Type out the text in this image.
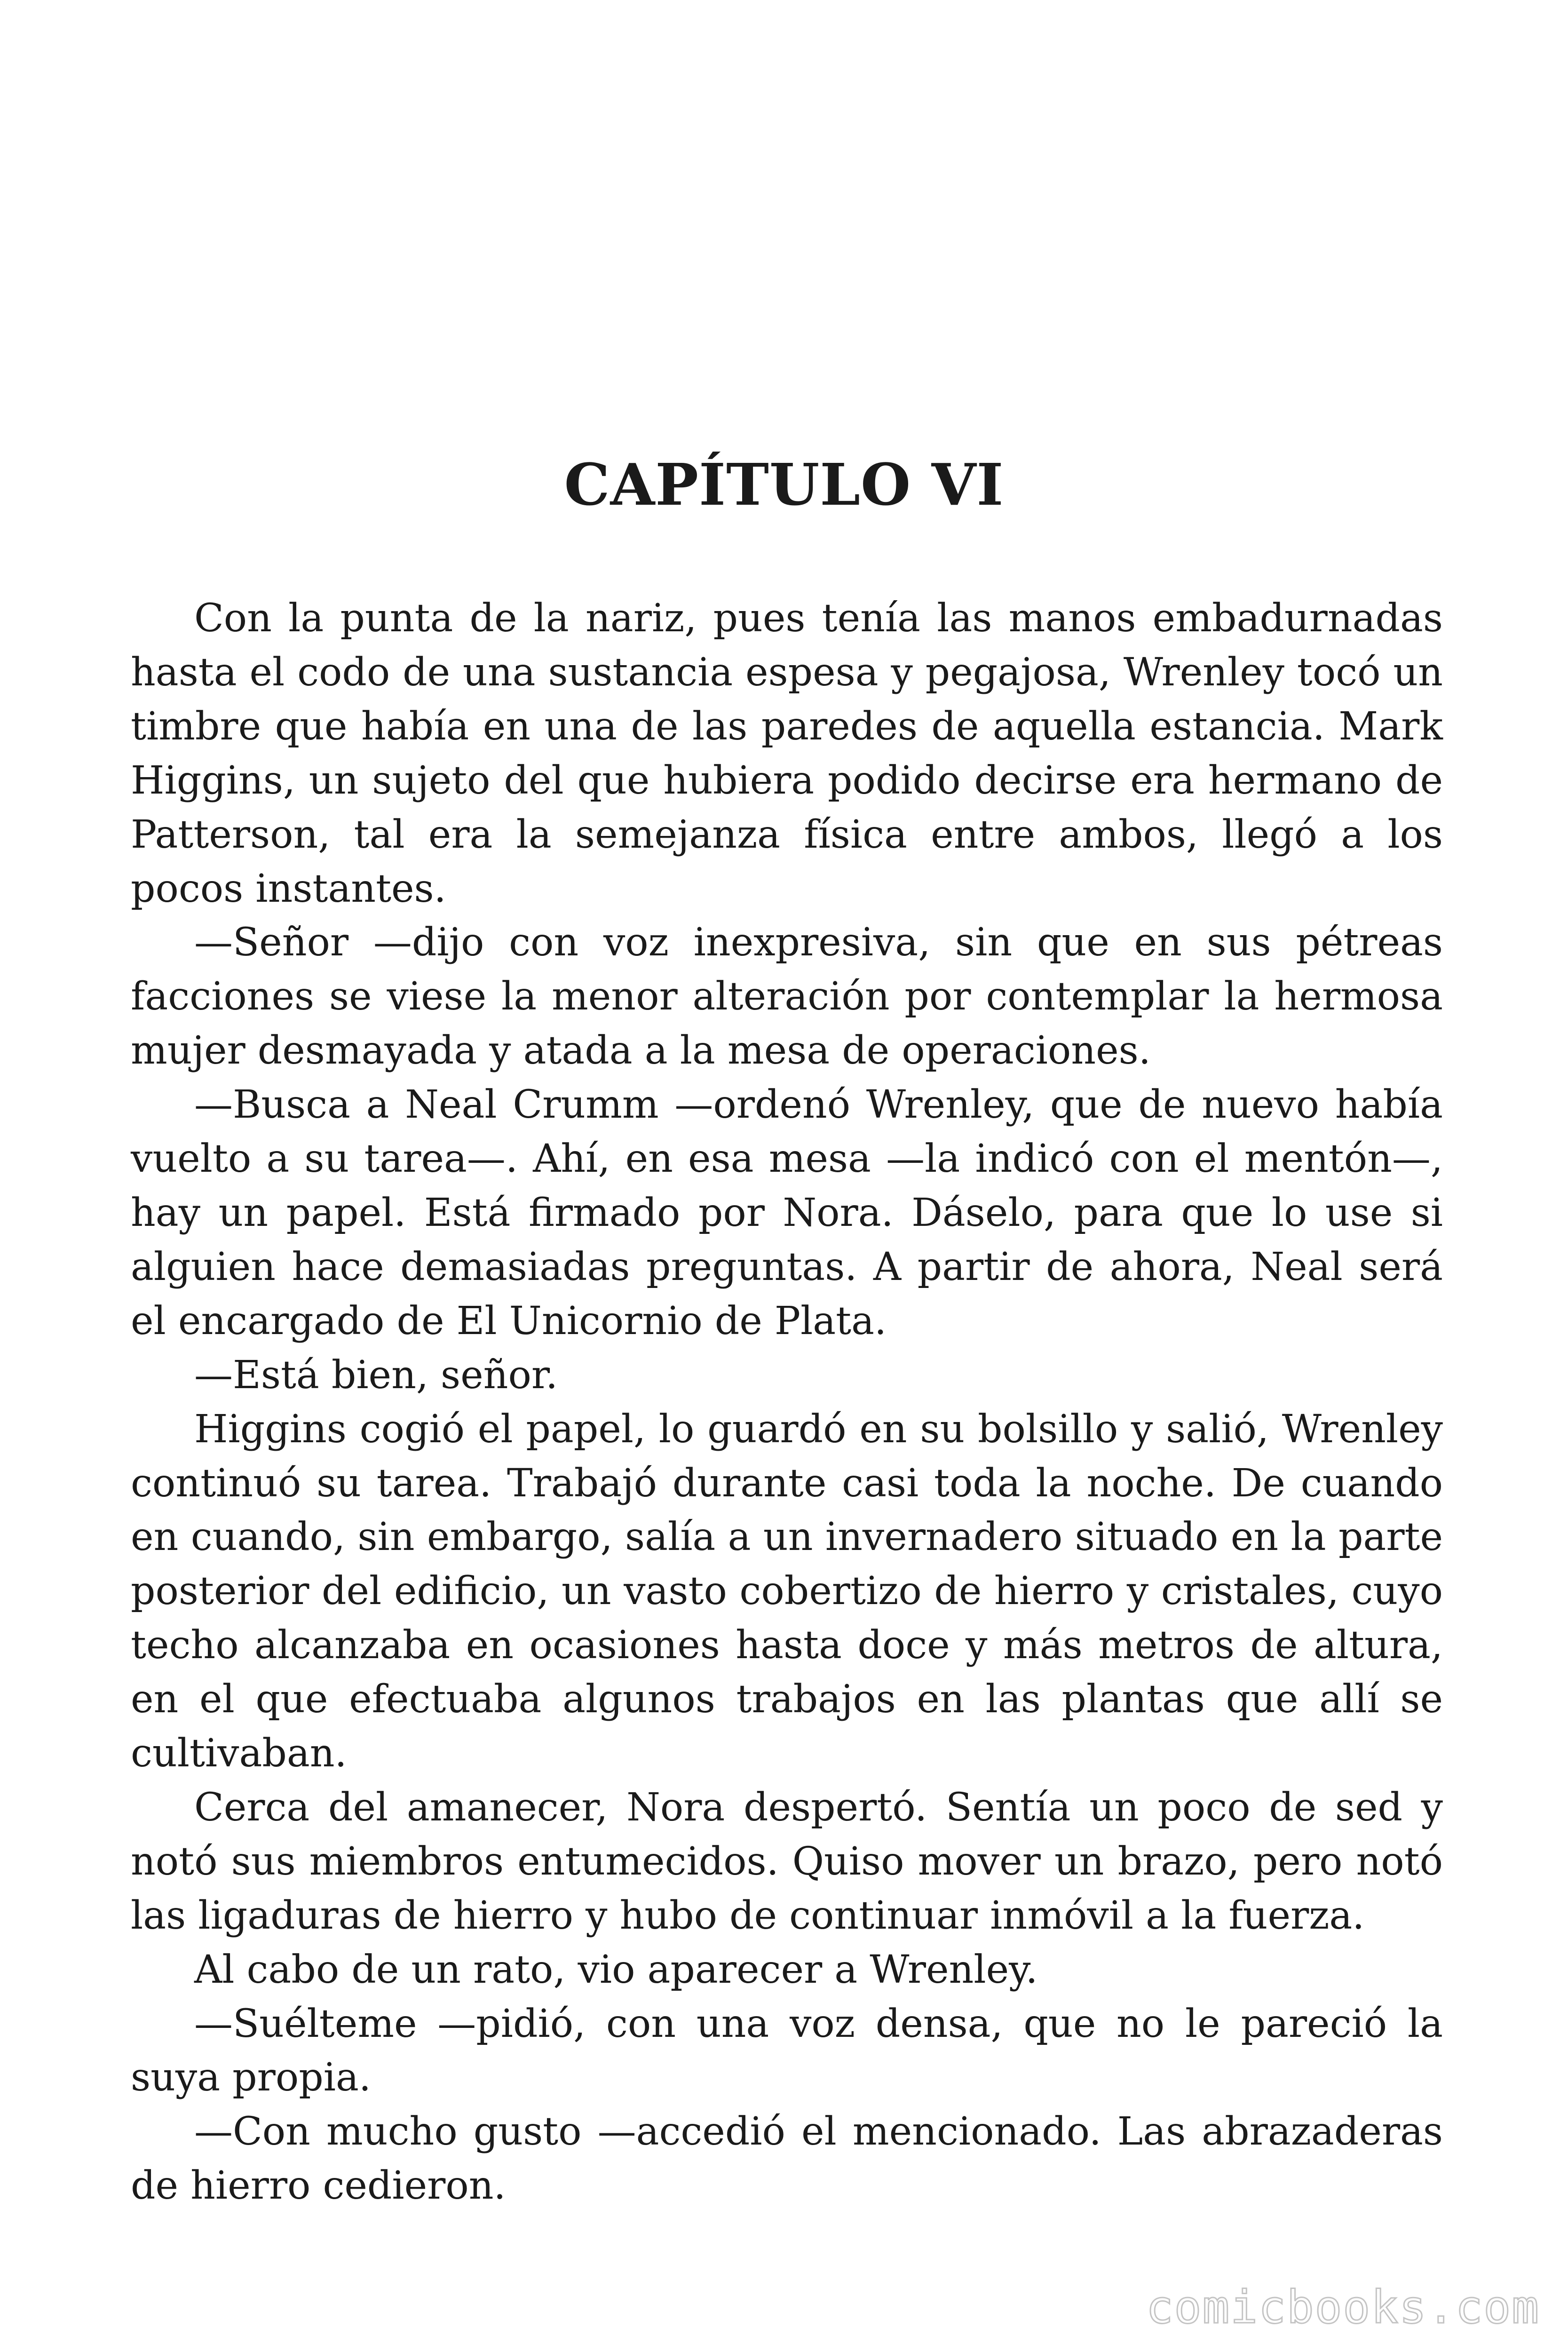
CAPÍTULO VI

Con la punta de la nariz, pues tenía las manos embadurnadas hasta el codo de una sustancia espesa y pegajosa, Wrenley tocó un timbre que había en una de las paredes de aquella estancia. Mark Higgins, un sujeto del que hubiera podido decirse era hermano de Patterson, tal era la semejanza física entre ambos, llegó a los pocos instantes.

—Señor —dijo con voz inexpresiva, sin que en sus pétreas facciones se viese la menor alteración por contemplar la hermosa mujer desmayada y atada a la mesa de operaciones.

—Busca a Neal Crumm —ordenó Wrenley, que de nuevo había vuelto a su tarea—. Ahí, en esa mesa —la indicó con el mentón—, hay un papel. Está firmado por Nora. Dáselo, para que lo use si alguien hace demasiadas preguntas. A partir de ahora, Neal será el encargado de El Unicornio de Plata.

—Está bien, señor.

Higgins cogió el papel, lo guardó en su bolsillo y salió, Wrenley continuó su tarea. Trabajó durante casi toda la noche. De cuando en cuando, sin embargo, salía a un invernadero situado en la parte posterior del edificio, un vasto cobertizo de hierro y cristales, cuyo techo alcanzaba en ocasiones hasta doce y más metros de altura, en el que efectuaba algunos trabajos en las plantas que allí se cultivaban.

Cerca del amanecer, Nora despertó. Sentía un poco de sed y notó sus miembros entumecidos. Quiso mover un brazo, pero notó las ligaduras de hierro y hubo de continuar inmóvil a la fuerza.

Al cabo de un rato, vio aparecer a Wrenley.

—Suélteme —pidió, con una voz densa, que no le pareció la suya propia.

—Con mucho gusto —accedió el mencionado. Las abrazaderas de hierro cedieron.

comicbooks.com
